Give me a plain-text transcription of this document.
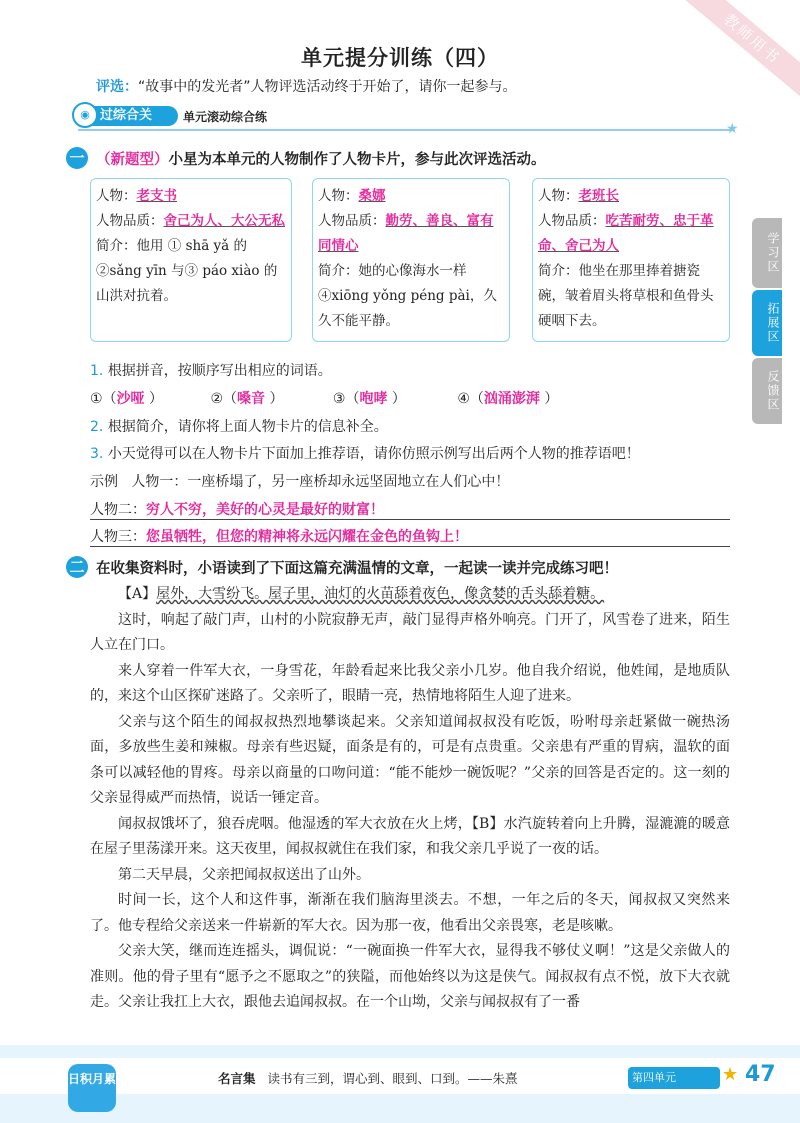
教师用书
单元提分训练（四）
评选：“故事中的发光者”人物评选活动终于开始了，请你一起参与。
◉ 过综合关	单元滚动综合练
★
学习区
拓展区
反馈区
一 （新题型）小星为本单元的人物制作了人物卡片，参与此次评选活动。
人物：老支书
人物品质：舍己为人、大公无私
简介：他用 ① shā yǎ 的②sǎng yīn 与③ páo xiào 的山洪对抗着。
人物：桑娜
人物品质：勤劳、善良、富有同情心
简介：她的心像海水一样④xiōng yǒng péng pài，久久不能平静。
人物：老班长
人物品质：吃苦耐劳、忠于革命、舍己为人
简介：他坐在那里捧着搪瓷碗，皱着眉头将草根和鱼骨头硬咽下去。
1. 根据拼音，按顺序写出相应的词语。
①（沙哑 ）	②（嗓音 ）	③（咆哮 ）	④（汹涌澎湃 ）
2. 根据简介，请你将上面人物卡片的信息补全。
3. 小天觉得可以在人物卡片下面加上推荐语，请你仿照示例写出后两个人物的推荐语吧！
示例 人物一：一座桥塌了，另一座桥却永远坚固地立在人们心中！
人物二：穷人不穷，美好的心灵是最好的财富！
人物三：您虽牺牲，但您的精神将永远闪耀在金色的鱼钩上！
二 在收集资料时，小语读到了下面这篇充满温情的文章，一起读一读并完成练习吧！

【A】屋外，大雪纷飞。屋子里，油灯的火苗舔着夜色，像贪婪的舌头舔着糖。

这时，响起了敲门声，山村的小院寂静无声，敲门显得声格外响亮。门开了，风雪卷了进来，陌生人立在门口。

来人穿着一件军大衣，一身雪花，年龄看起来比我父亲小几岁。他自我介绍说，他姓闻，是地质队的，来这个山区探矿迷路了。父亲听了，眼睛一亮，热情地将陌生人迎了进来。

父亲与这个陌生的闻叔叔热烈地攀谈起来。父亲知道闻叔叔没有吃饭，吩咐母亲赶紧做一碗热汤面，多放些生姜和辣椒。母亲有些迟疑，面条是有的，可是有点贵重。父亲患有严重的胃病，温软的面条可以减轻他的胃疼。母亲以商量的口吻问道：“能不能炒一碗饭呢？”父亲的回答是否定的。这一刻的父亲显得威严而热情，说话一锤定音。

闻叔叔饿坏了，狼吞虎咽。他湿透的军大衣放在火上烤，【B】水汽旋转着向上升腾，湿漉漉的暖意在屋子里荡漾开来。这天夜里，闻叔叔就住在我们家，和我父亲几乎说了一夜的话。

第二天早晨，父亲把闻叔叔送出了山外。

时间一长，这个人和这件事，渐渐在我们脑海里淡去。不想，一年之后的冬天，闻叔叔又突然来了。他专程给父亲送来一件崭新的军大衣。因为那一夜，他看出父亲畏寒，老是咳嗽。

父亲大笑，继而连连摇头，调侃说：“一碗面换一件军大衣，显得我不够仗义啊！”这是父亲做人的准则。他的骨子里有“愿予之不愿取之”的狭隘，而他始终以为这是侠气。闻叔叔有点不悦，放下大衣就走。父亲让我扛上大衣，跟他去追闻叔叔。在一个山坳，父亲与闻叔叔有了一番

日积月累	名言集 读书有三到，谓心到、眼到、口到。——朱熹	第四单元	★ 47
